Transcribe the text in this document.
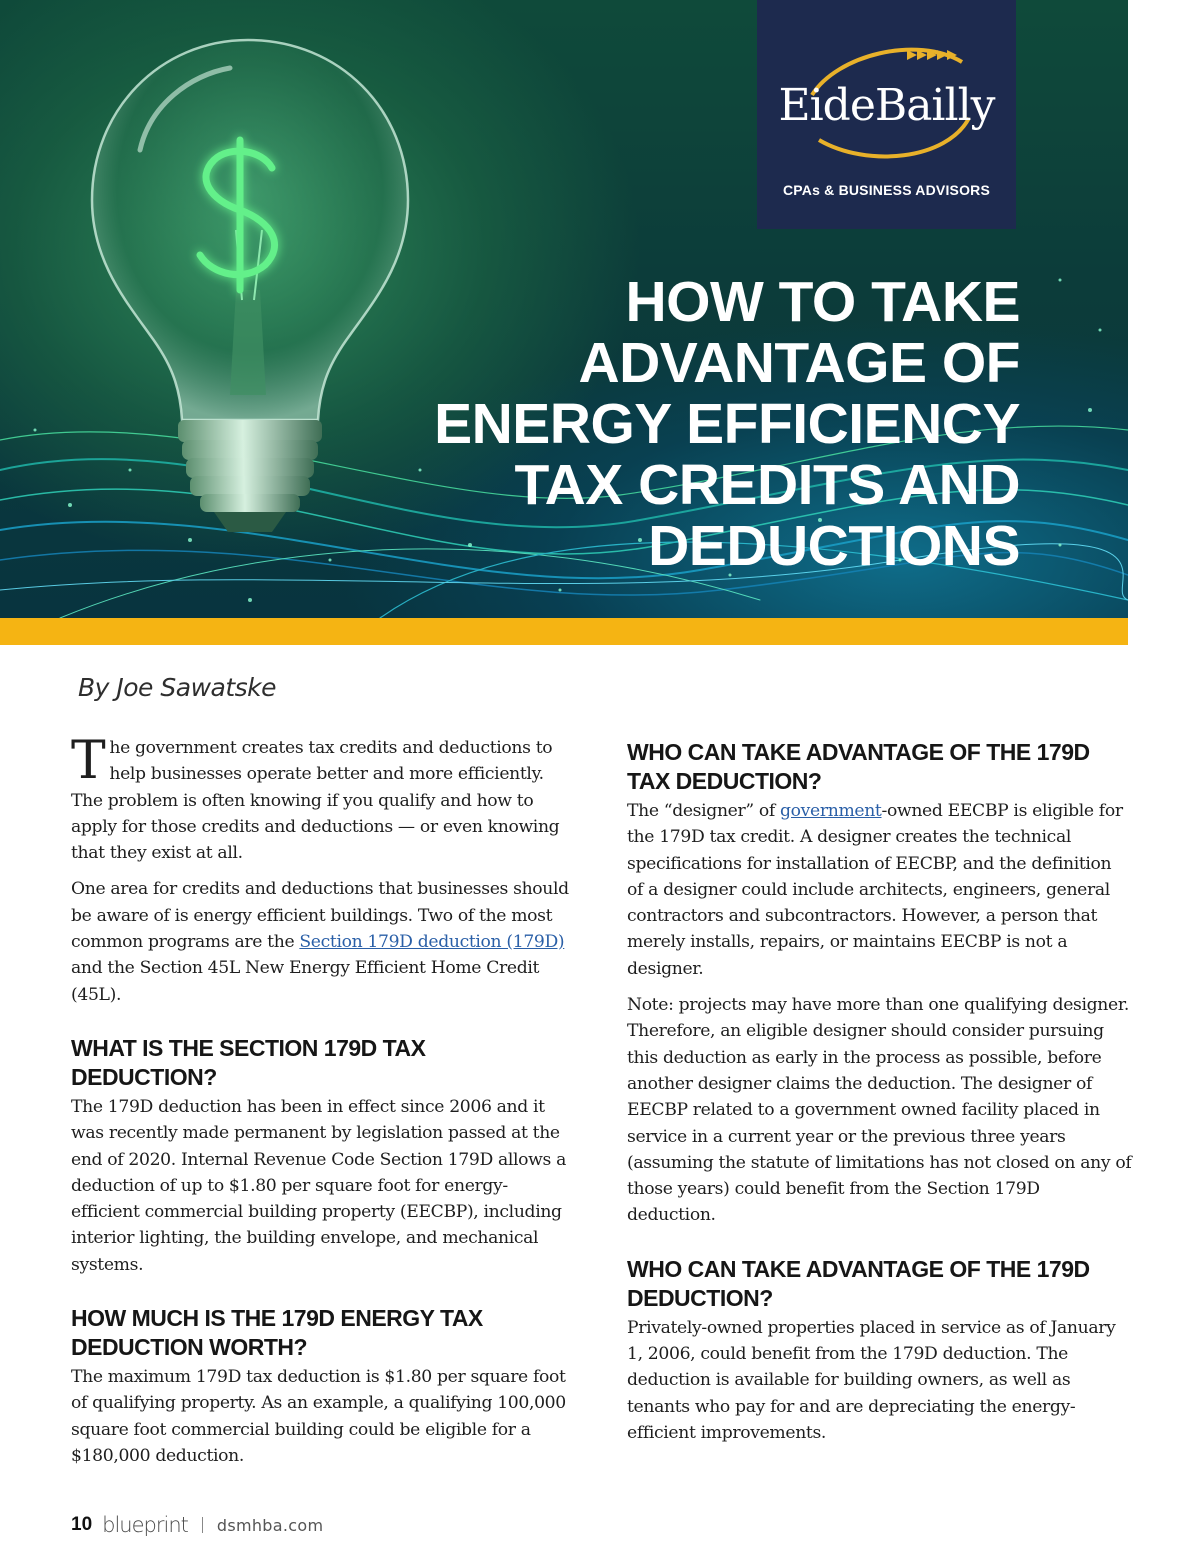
EideBailly
CPAs & BUSINESS ADVISORS
HOW TO TAKE
ADVANTAGE OF
ENERGY EFFICIENCY
TAX CREDITS AND
DEDUCTIONS
By Joe Sawatske

The government creates tax credits and deductions to help businesses operate better and more efficiently. The problem is often knowing if you qualify and how to apply for those credits and deductions — or even knowing that they exist at all.

One area for credits and deductions that businesses should be aware of is energy efficient buildings. Two of the most common programs are the Section 179D deduction (179D) and the Section 45L New Energy Efficient Home Credit (45L).

WHAT IS THE SECTION 179D TAX DEDUCTION?

The 179D deduction has been in effect since 2006 and it was recently made permanent by legislation passed at the end of 2020. Internal Revenue Code Section 179D allows a deduction of up to $1.80 per square foot for energy-efficient commercial building property (EECBP), including interior lighting, the building envelope, and mechanical systems.

HOW MUCH IS THE 179D ENERGY TAX DEDUCTION WORTH?

The maximum 179D tax deduction is $1.80 per square foot of qualifying property. As an example, a qualifying 100,000 square foot commercial building could be eligible for a $180,000 deduction.

WHO CAN TAKE ADVANTAGE OF THE 179D TAX DEDUCTION?

The “designer” of government-owned EECBP is eligible for the 179D tax credit. A designer creates the technical specifications for installation of EECBP, and the definition of a designer could include architects, engineers, general contractors and subcontractors. However, a person that merely installs, repairs, or maintains EECBP is not a designer.

Note: projects may have more than one qualifying designer. Therefore, an eligible designer should consider pursuing this deduction as early in the process as possible, before another designer claims the deduction. The designer of EECBP related to a government owned facility placed in service in a current year or the previous three years (assuming the statute of limitations has not closed on any of those years) could benefit from the Section 179D deduction.

WHO CAN TAKE ADVANTAGE OF THE 179D DEDUCTION?

Privately-owned properties placed in service as of January 1, 2006, could benefit from the 179D deduction. The deduction is available for building owners, as well as tenants who pay for and are depreciating the energy-efficient improvements.

10 blueprint dsmhba.com
